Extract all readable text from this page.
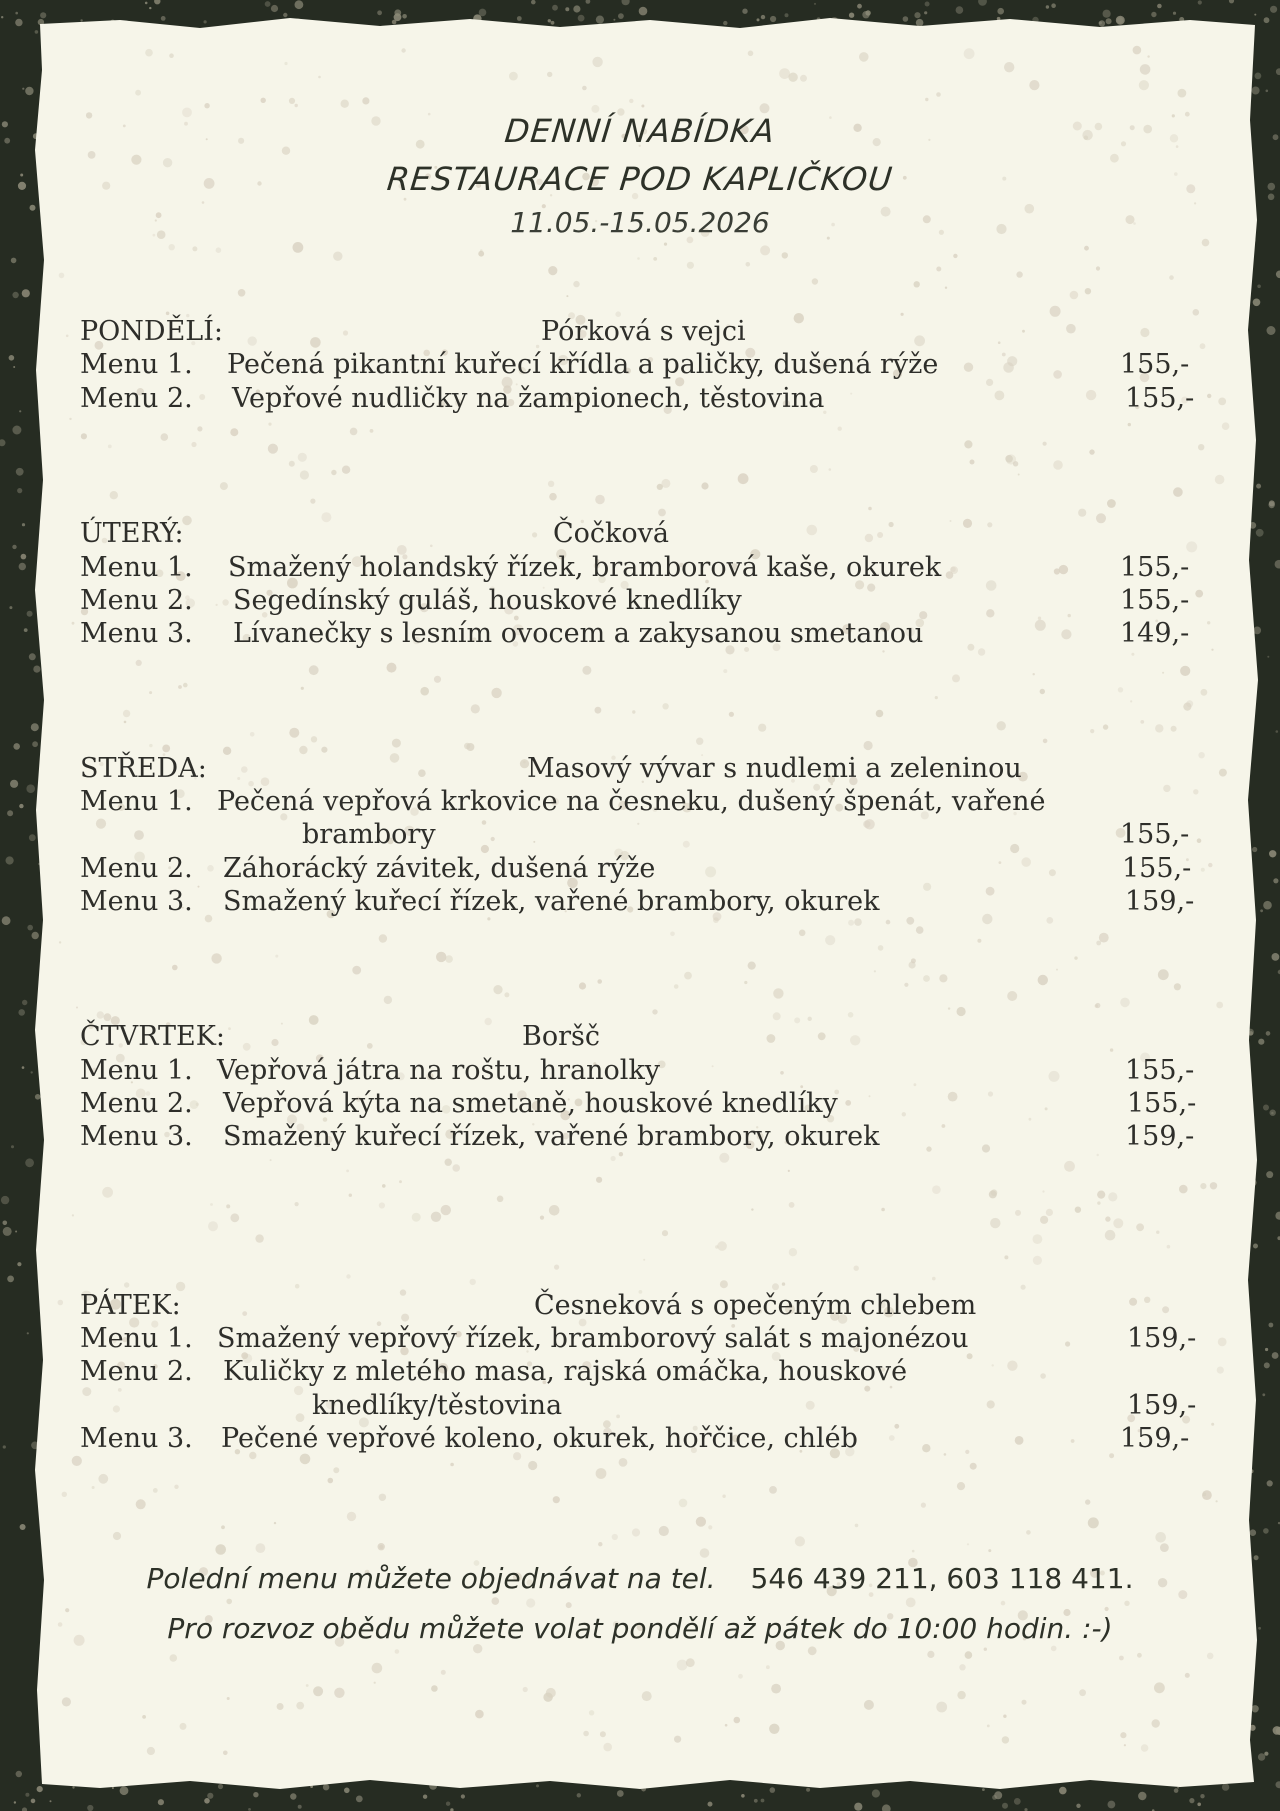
DENNÍ NABÍDKA
RESTAURACE POD KAPLIČKOU
11.05.-15.05.2026
PONDĚLÍ:	Pórková s vejci
Menu 1. Pečená pikantní kuřecí křídla a paličky, dušená rýže	155,-
Menu 2. Vepřové nudličky na žampionech, těstovina	155,-
ÚTERÝ:	Čočková
Menu 1. Smažený holandský řízek, bramborová kaše, okurek	155,-
Menu 2. Segedínský guláš, houskové knedlíky	155,-
Menu 3. Lívanečky s lesním ovocem a zakysanou smetanou	149,-
STŘEDA:	Masový vývar s nudlemi a zeleninou
Menu 1. Pečená vepřová krkovice na česneku, dušený špenát, vařené
brambory	155,-
Menu 2. Záhorácký závitek, dušená rýže	155,-
Menu 3. Smažený kuřecí řízek, vařené brambory, okurek	159,-
ČTVRTEK:	Boršč
Menu 1. Vepřová játra na roštu, hranolky	155,-
Menu 2. Vepřová kýta na smetaně, houskové knedlíky	155,-
Menu 3. Smažený kuřecí řízek, vařené brambory, okurek	159,-
PÁTEK:	Česneková s opečeným chlebem
Menu 1. Smažený vepřový řízek, bramborový salát s majonézou	159,-
Menu 2. Kuličky z mletého masa, rajská omáčka, houskové
knedlíky/těstovina	159,-
Menu 3. Pečené vepřové koleno, okurek, hořčice, chléb	159,-
Polední menu můžete objednávat na tel. 546 439 211, 603 118 411.
Pro rozvoz obědu můžete volat pondělí až pátek do 10:00 hodin. :-)
